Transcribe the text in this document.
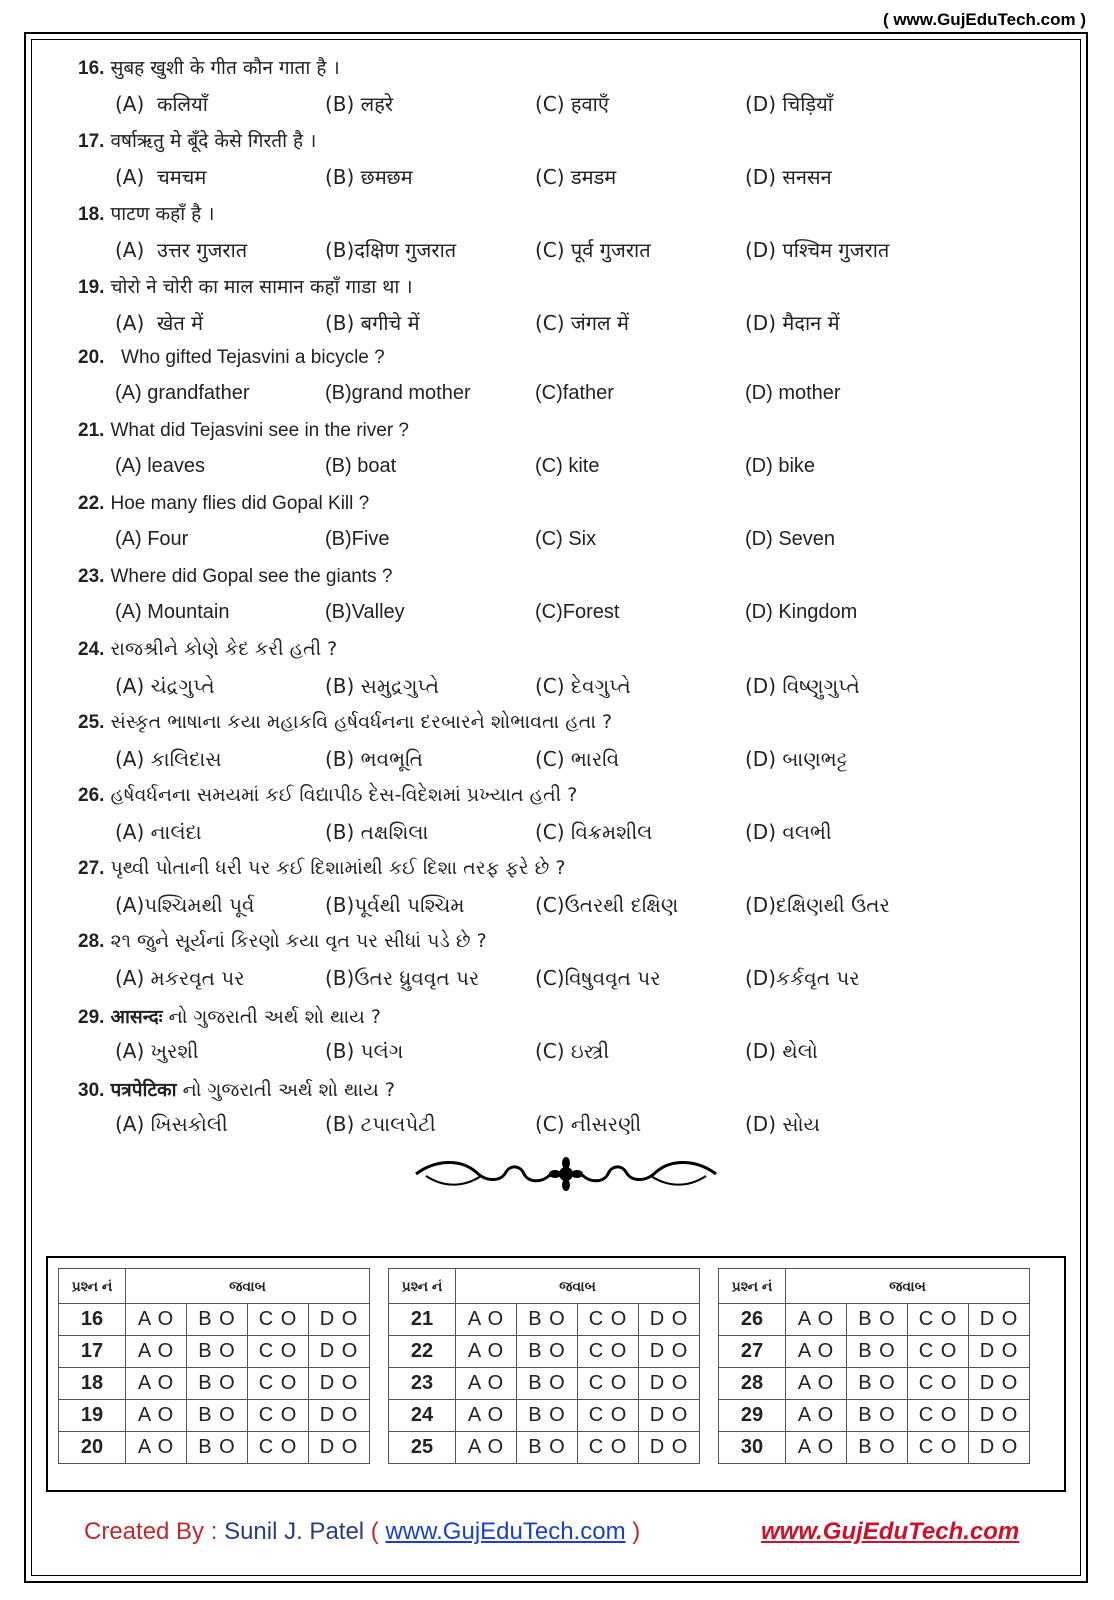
( www.GujEduTech.com )
16. सुबह खुशी के गीत कौन गाता है ।
(A)  कलियाँ	(B) लहरे	(C) हवाएँ	(D) चिड़ियाँ
17. वर्षाऋतु मे बूँदे केसे गिरती है ।
(A)  चमचम	(B) छमछम	(C) डमडम	(D) सनसन
18. पाटण कहाँ है ।
(A)  उत्तर गुजरात	(B)दक्षिण गुजरात	(C) पूर्व गुजरात	(D) पश्चिम गुजरात
19. चोरो ने चोरी का माल सामान कहाँ गाडा था ।
(A)  खेत में	(B) बगीचे में	(C) जंगल में	(D) मैदान में
20.   Who gifted Tejasvini a bicycle ?
(A) grandfather	(B)grand mother	(C)father	(D) mother
21. What did Tejasvini see in the river ?
(A) leaves	(B) boat	(C) kite	(D) bike
22. Hoe many flies did Gopal Kill ?
(A) Four	(B)Five	(C) Six	(D) Seven
23. Where did Gopal see the giants ?
(A) Mountain	(B)Valley	(C)Forest	(D) Kingdom
24. રાજશ્રીને કોણે કેદ કરી હતી ?
(A) ચંદ્રગુપ્તે	(B) સમુદ્રગુપ્તે	(C) દેવગુપ્તે	(D) વિષ્ણુગુપ્તે
25. સંસ્કૃત ભાષાના કયા મહાકવિ હર્ષવર્ધનના દરબારને શોભાવતા હતા ?
(A) કાલિદાસ	(B) ભવભૂતિ	(C) ભારવિ	(D) બાણભટ્ટ
26. હર્ષવર્ધનના સમયમાં કઈ વિદ્યાપીઠ દેસ-વિદેશમાં પ્રખ્યાત હતી ?
(A) નાલંદા	(B) તક્ષશિલા	(C) વિક્રમશીલ	(D) વલભી
27. પૃથ્વી પોતાની ધરી પર કઈ દિશામાંથી કઈ દિશા તરફ ફરે છે ?
(A)પશ્ચિમથી પૂર્વ	(B)પૂર્વથી પશ્ચિમ	(C)ઉતરથી દક્ષિણ	(D)દક્ષિણથી ઉતર
28. ૨૧ જુને સૂર્યનાં કિરણો કયા વૃત પર સીધાં પડે છે ?
(A) મકરવૃત પર	(B)ઉતર ધ્રુવવૃત પર	(C)વિષુવવૃત પર	(D)કર્કવૃત પર
29. आसन्दः નો ગુજરાતી અર્થ શો થાય ?
(A) ખુરશી	(B) પલંગ	(C) ઇસ્ત્રી	(D) થેલો
30. पत्रपेटिका નો ગુજરાતી અર્થ શો થાય ?
(A) ખિસકોલી	(B) ટપાલપેટી	(C) નીસરણી	(D) સોય
પ્રશ્ન નં	જવાબ			
16	A O	B O	C O	D O
17	A O	B O	C O	D O
18	A O	B O	C O	D O
19	A O	B O	C O	D O
20	A O	B O	C O	D O
પ્રશ્ન નં	જવાબ			
21	A O	B O	C O	D O
22	A O	B O	C O	D O
23	A O	B O	C O	D O
24	A O	B O	C O	D O
25	A O	B O	C O	D O
પ્રશ્ન નં	જવાબ			
26	A O	B O	C O	D O
27	A O	B O	C O	D O
28	A O	B O	C O	D O
29	A O	B O	C O	D O
30	A O	B O	C O	D O
Created By : Sunil J. Patel ( www.GujEduTech.com )	www.GujEduTech.com
